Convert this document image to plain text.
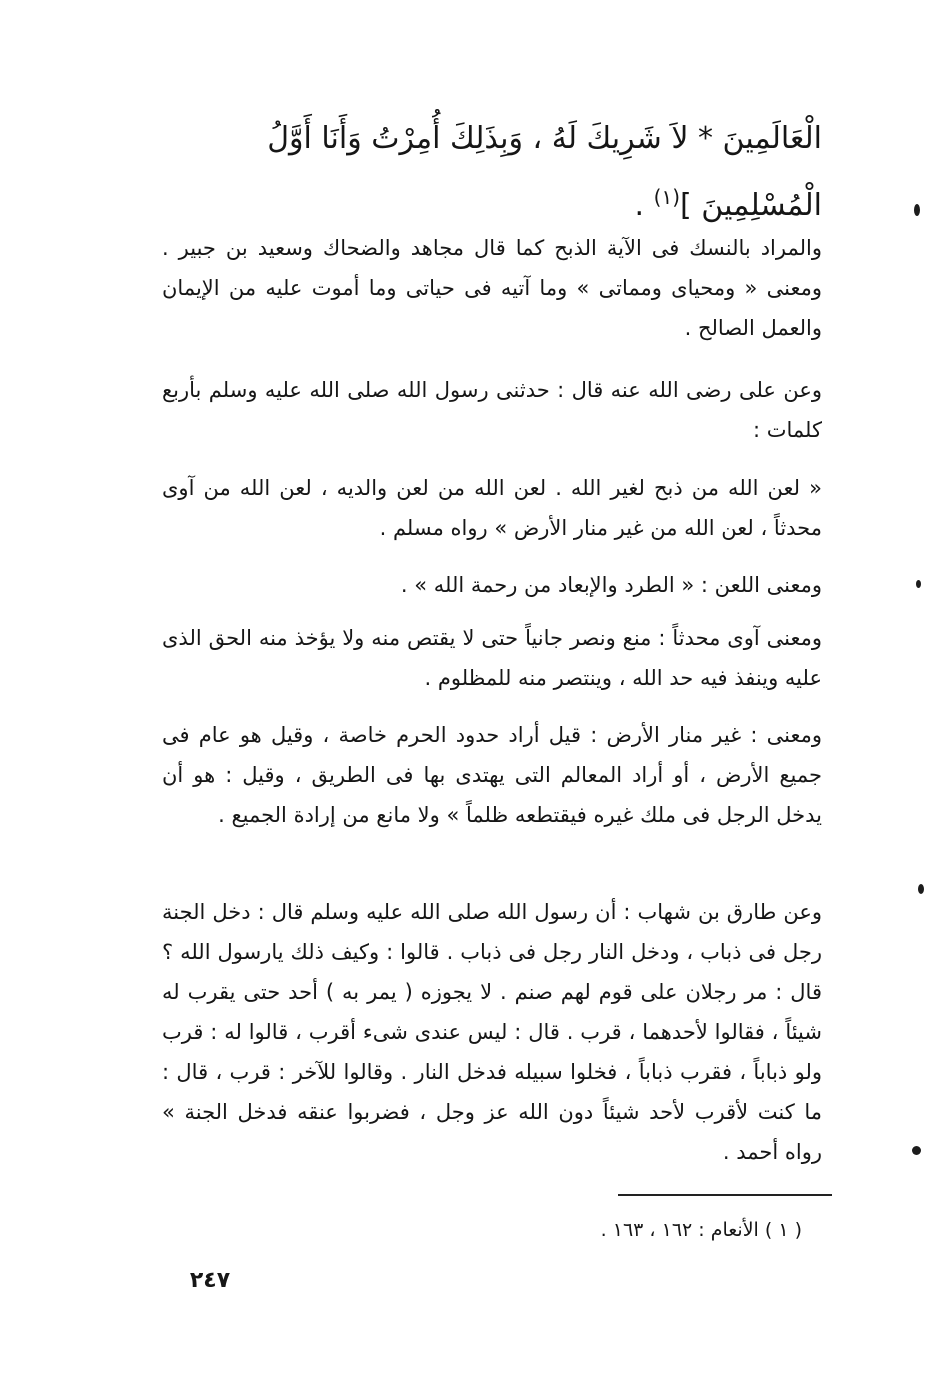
الْعَالَمِينَ * لاَ شَرِيكَ لَهُ ، وَبِذَلِكَ أُمِرْتُ وَأَنَا أَوَّلُ
الْمُسْلِمِينَ ]$^{(١)}$ .

والمراد بالنسك فى الآية الذبح كما قال مجاهد والضحاك وسعيد بن جبير . ومعنى « ومحياى ومماتى » وما آتيه فى حياتى وما أموت عليه من الإيمان والعمل الصالح .

وعن على رضى الله عنه قال : حدثنى رسول الله صلى الله عليه وسلم بأربع كلمات :

« لعن الله من ذبح لغير الله . لعن الله من لعن والديه ، لعن الله من آوى محدثاً ، لعن الله من غير منار الأرض » رواه مسلم .

ومعنى اللعن : « الطرد والإبعاد من رحمة الله » .

ومعنى آوى محدثاً : منع ونصر جانياً حتى لا يقتص منه ولا يؤخذ منه الحق الذى عليه وينفذ فيه حد الله ، وينتصر منه للمظلوم .

ومعنى : غير منار الأرض : قيل أراد حدود الحرم خاصة ، وقيل هو عام فى جميع الأرض ، أو أراد المعالم التى يهتدى بها فى الطريق ، وقيل : هو أن يدخل الرجل فى ملك غيره فيقتطعه ظلماً » ولا مانع من إرادة الجميع .

وعن طارق بن شهاب : أن رسول الله صلى الله عليه وسلم قال : دخل الجنة رجل فى ذباب ، ودخل النار رجل فى ذباب . قالوا : وكيف ذلك يارسول الله ؟ قال : مر رجلان على قوم لهم صنم . لا يجوزه ( يمر به ) أحد حتى يقرب له شيئاً ، فقالوا لأحدهما ، قرب . قال : ليس عندى شىء أقرب ، قالوا له : قرب ولو ذباباً ، فقرب ذباباً ، فخلوا سبيله فدخل النار . وقالوا للآخر : قرب ، قال : ما كنت لأقرب لأحد شيئاً دون الله عز وجل ، فضربوا عنقه فدخل الجنة » رواه أحمد .

( ١ ) الأنعام : ١٦٢ ، ١٦٣ .
٢٤٧
